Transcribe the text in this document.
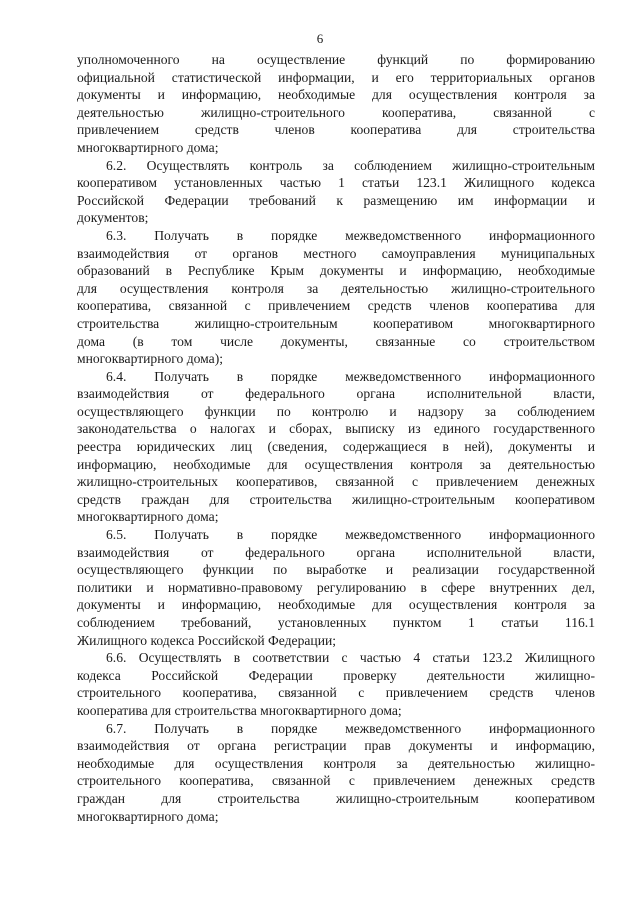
6
уполномоченного на осуществление функций по формированию
официальной статистической информации, и его территориальных органов
документы и информацию, необходимые для осуществления контроля за
деятельностью жилищно-строительного кооператива, связанной с
привлечением средств членов кооператива для строительства
многоквартирного дома;
6.2. Осуществлять контроль за соблюдением жилищно-строительным
кооперативом установленных частью 1 статьи 123.1 Жилищного кодекса
Российской Федерации требований к размещению им информации и
документов;
6.3. Получать в порядке межведомственного информационного
взаимодействия от органов местного самоуправления муниципальных
образований в Республике Крым документы и информацию, необходимые
для осуществления контроля за деятельностью жилищно-строительного
кооператива, связанной с привлечением средств членов кооператива для
строительства жилищно-строительным кооперативом многоквартирного
дома (в том числе документы, связанные со строительством
многоквартирного дома);
6.4. Получать в порядке межведомственного информационного
взаимодействия от федерального органа исполнительной власти,
осуществляющего функции по контролю и надзору за соблюдением
законодательства о налогах и сборах, выписку из единого государственного
реестра юридических лиц (сведения, содержащиеся в ней), документы и
информацию, необходимые для осуществления контроля за деятельностью
жилищно-строительных кооперативов, связанной с привлечением денежных
средств граждан для строительства жилищно-строительным кооперативом
многоквартирного дома;
6.5. Получать в порядке межведомственного информационного
взаимодействия от федерального органа исполнительной власти,
осуществляющего функции по выработке и реализации государственной
политики и нормативно-правовому регулированию в сфере внутренних дел,
документы и информацию, необходимые для осуществления контроля за
соблюдением требований, установленных пунктом 1 статьи 116.1
Жилищного кодекса Российской Федерации;
6.6. Осуществлять в соответствии с частью 4 статьи 123.2 Жилищного
кодекса Российской Федерации проверку деятельности жилищно-
строительного кооператива, связанной с привлечением средств членов
кооператива для строительства многоквартирного дома;
6.7. Получать в порядке межведомственного информационного
взаимодействия от органа регистрации прав документы и информацию,
необходимые для осуществления контроля за деятельностью жилищно-
строительного кооператива, связанной с привлечением денежных средств
граждан для строительства жилищно-строительным кооперативом
многоквартирного дома;
